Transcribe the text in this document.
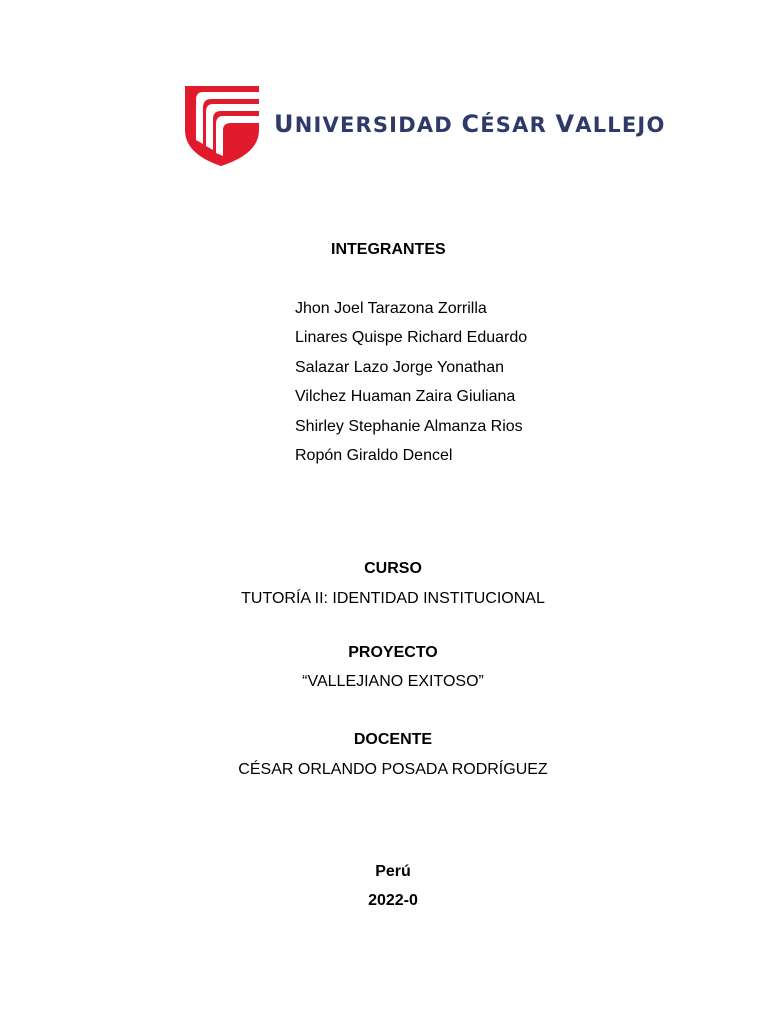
UNIVERSIDAD CÉSAR VALLEJO
INTEGRANTES
Jhon Joel Tarazona Zorrilla
Linares Quispe Richard Eduardo
Salazar Lazo Jorge Yonathan
Vilchez Huaman Zaira Giuliana
Shirley Stephanie Almanza Rios
Ropón Giraldo Dencel
CURSO
TUTORÍA II: IDENTIDAD INSTITUCIONAL
PROYECTO
“VALLEJIANO EXITOSO”
DOCENTE
CÉSAR ORLANDO POSADA RODRÍGUEZ
Perú
2022-0
